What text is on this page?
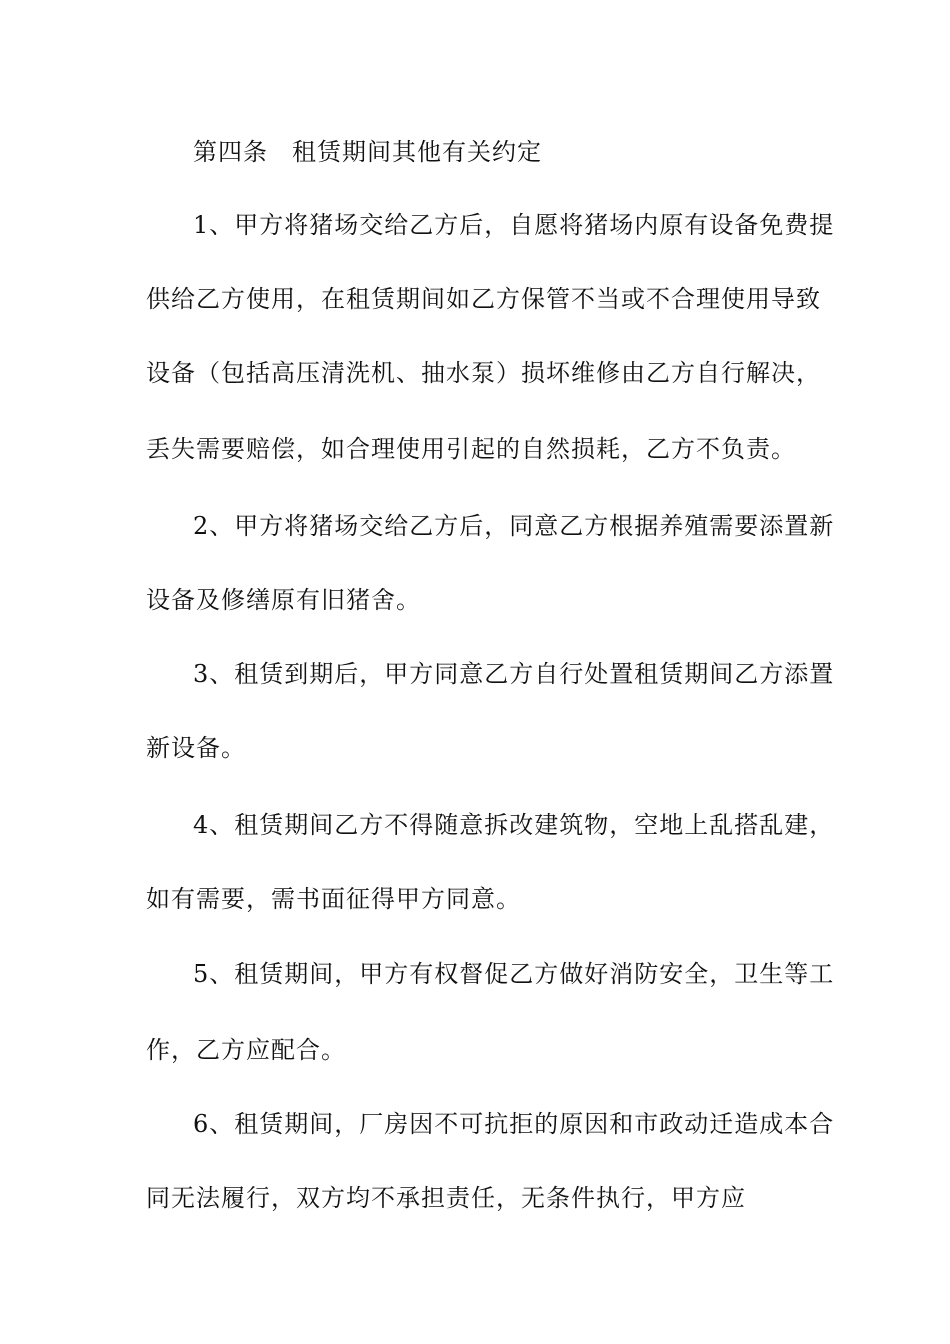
第四条 租赁期间其他有关约定
1、甲方将猪场交给乙方后，自愿将猪场内原有设备免费提
供给乙方使用，在租赁期间如乙方保管不当或不合理使用导致
设备（包括高压清洗机、抽水泵）损坏维修由乙方自行解决，
丢失需要赔偿，如合理使用引起的自然损耗，乙方不负责。
2、甲方将猪场交给乙方后，同意乙方根据养殖需要添置新
设备及修缮原有旧猪舍。
3、租赁到期后，甲方同意乙方自行处置租赁期间乙方添置
新设备。
4、租赁期间乙方不得随意拆改建筑物，空地上乱搭乱建，
如有需要，需书面征得甲方同意。
5、租赁期间，甲方有权督促乙方做好消防安全，卫生等工
作，乙方应配合。
6、租赁期间，厂房因不可抗拒的原因和市政动迁造成本合
同无法履行，双方均不承担责任，无条件执行，甲方应
